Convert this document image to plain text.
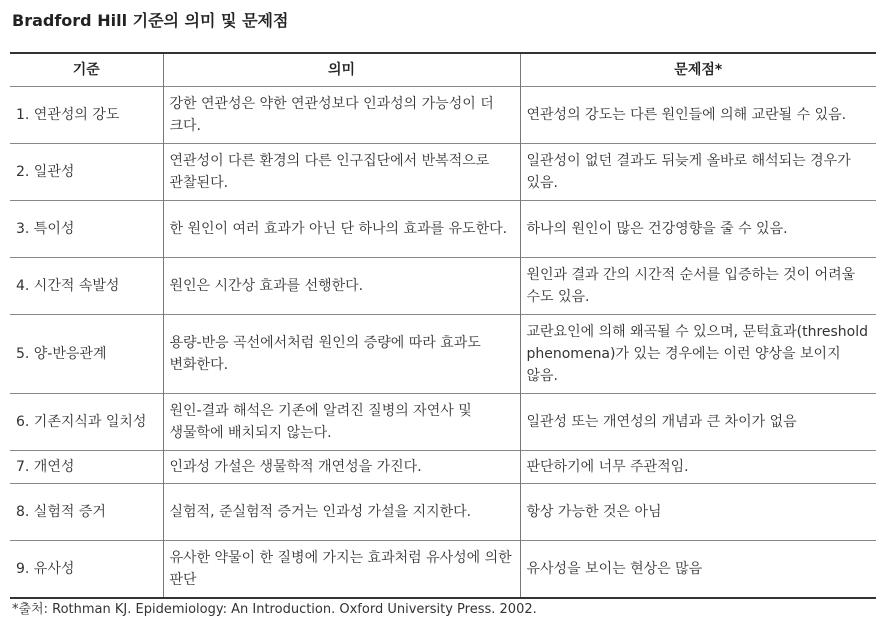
Bradford Hill 기준의 의미 및 문제점
기준	의미	문제점*
1. 연관성의 강도	강한 연관성은 약한 연관성보다 인과성의 가능성이 더 크다.	연관성의 강도는 다른 원인들에 의해 교란될 수 있음.
2. 일관성	연관성이 다른 환경의 다른 인구집단에서 반복적으로 관찰된다.	일관성이 없던 결과도 뒤늦게 올바로 해석되는 경우가 있음.
3. 특이성	한 원인이 여러 효과가 아닌 단 하나의 효과를 유도한다.	하나의 원인이 많은 건강영향을 줄 수 있음.
4. 시간적 속발성	원인은 시간상 효과를 선행한다.	원인과 결과 간의 시간적 순서를 입증하는 것이 어려울 수도 있음.
5. 양-반응관계	용량-반응 곡선에서처럼 원인의 증량에 따라 효과도 변화한다.	교란요인에 의해 왜곡될 수 있으며, 문턱효과(threshold phenomena)가 있는 경우에는 이런 양상을 보이지 않음.
6. 기존지식과 일치성	원인-결과 해석은 기존에 알려진 질병의 자연사 및 생물학에 배치되지 않는다.	일관성 또는 개연성의 개념과 큰 차이가 없음
7. 개연성	인과성 가설은 생물학적 개연성을 가진다.	판단하기에 너무 주관적임.
8. 실험적 증거	실험적, 준실험적 증거는 인과성 가설을 지지한다.	항상 가능한 것은 아님
9. 유사성	유사한 약물이 한 질병에 가지는 효과처럼 유사성에 의한 판단	유사성을 보이는 현상은 많음
*출처: Rothman KJ. Epidemiology: An Introduction. Oxford University Press. 2002.
